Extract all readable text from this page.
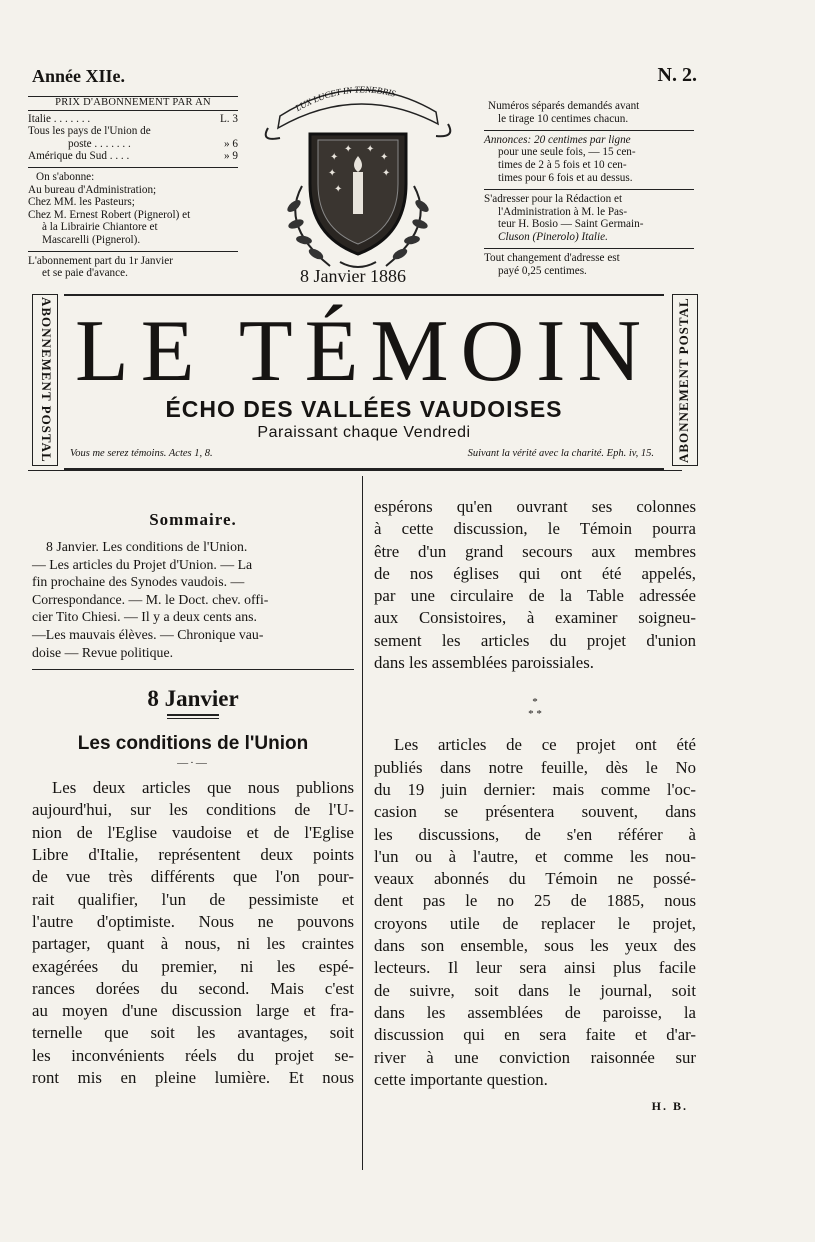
Année XIIe.	N. 2.
PRIX D'ABONNEMENT PAR AN
Italie . . . . . . .	L. 3
Tous les pays de l'Union de
poste . . . . . . .	» 6
Amérique du Sud . . . .	» 9
On s'abonne:
Au bureau d'Administration;
Chez MM. les Pasteurs;
Chez M. Ernest Robert (Pignerol) et
à la Librairie Chiantore et
Mascarelli (Pignerol).
L'abonnement part du 1r Janvier
et se paie d'avance.
LUX LUCET IN TENEBRIS
✦
✦ ✦
✦
✦	✦
✦
Numéros séparés demandés avant
le tirage 10 centimes chacun.
Annonces: 20 centimes par ligne
pour une seule fois, — 15 cen-
times de 2 à 5 fois et 10 cen-
times pour 6 fois et au dessus.
S'adresser pour la Rédaction et
l'Administration à M. le Pas-
teur H. Bosio — Saint Germain-
Cluson (Pinerolo) Italie.
Tout changement d'adresse est
payé 0,25 centimes.
8 Janvier 1886
ABONNEMENT POSTAL	ABONNEMENT POSTAL
LE TÉMOIN
ÉCHO DES VALLÉES VAUDOISES
Paraissant chaque Vendredi
Vous me serez témoins. Actes 1, 8.	Suivant la vérité avec la charité. Eph. iv, 15.
Sommaire.
8 Janvier. Les conditions de l'Union.
— Les articles du Projet d'Union. — La
fin prochaine des Synodes vaudois. —
Correspondance. — M. le Doct. chev. offi-
cier Tito Chiesi. — Il y a deux cents ans.
—Les mauvais élèves. — Chronique vau-
doise — Revue politique.
8 Janvier
Les conditions de l'Union
—·—
Les deux articles que nous publions
aujourd'hui, sur les conditions de l'U-
nion de l'Eglise vaudoise et de l'Eglise
Libre d'Italie, représentent deux points
de vue très différents que l'on pour-
rait qualifier, l'un de pessimiste et
l'autre d'optimiste. Nous ne pouvons
partager, quant à nous, ni les craintes
exagérées du premier, ni les espé-
rances dorées du second. Mais c'est
au moyen d'une discussion large et fra-
ternelle que soit les avantages, soit
les inconvénients réels du projet se-
ront mis en pleine lumière. Et nous
espérons qu'en ouvrant ses colonnes
à cette discussion, le Témoin pourra
être d'un grand secours aux membres
de nos églises qui ont été appelés,
par une circulaire de la Table adressée
aux Consistoires, à examiner soigneu-
sement les articles du projet d'union
dans les assemblées paroissiales.
*
* *
Les articles de ce projet ont été
publiés dans notre feuille, dès le No
du 19 juin dernier: mais comme l'oc-
casion se présentera souvent, dans
les discussions, de s'en référer à
l'un ou à l'autre, et comme les nou-
veaux abonnés du Témoin ne possé-
dent pas le no 25 de 1885, nous
croyons utile de replacer le projet,
dans son ensemble, sous les yeux des
lecteurs. Il leur sera ainsi plus facile
de suivre, soit dans le journal, soit
dans les assemblées de paroisse, la
discussion qui en sera faite et d'ar-
river à une conviction raisonnée sur
cette importante question.
H. B.
